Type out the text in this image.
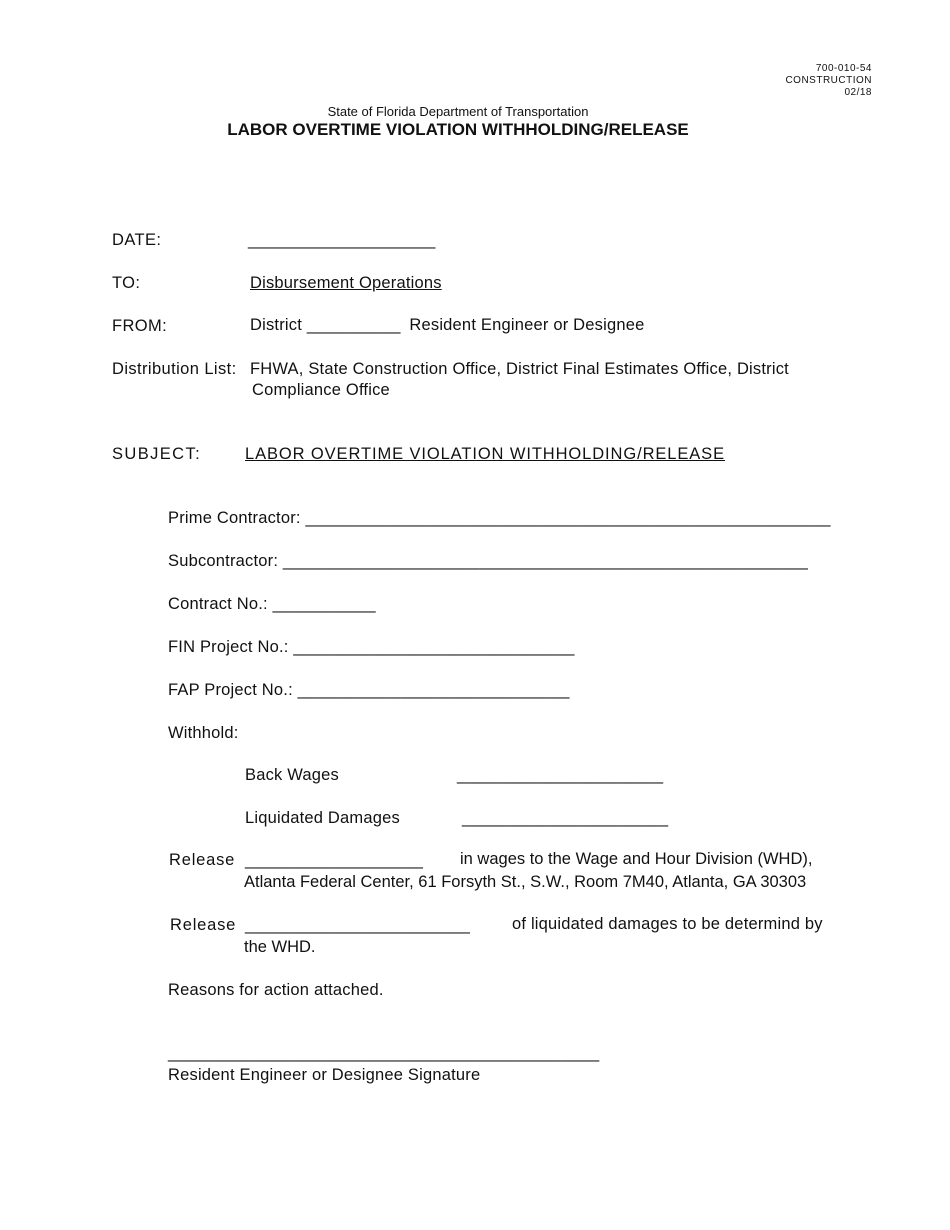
700-010-54
CONSTRUCTION
02/18
State of Florida Department of Transportation
LABOR OVERTIME VIOLATION WITHHOLDING/RELEASE
DATE:	____________________
TO:	Disbursement Operations
FROM:	District __________ Resident Engineer or Designee
Distribution List: FHWA, State Construction Office, District Final Estimates Office, District
Compliance Office
SUBJECT:	LABOR OVERTIME VIOLATION WITHHOLDING/RELEASE
Prime Contractor: ________________________________________________________
Subcontractor: ________________________________________________________
Contract No.: ___________
FIN Project No.: ______________________________
FAP Project No.: _____________________________
Withhold:
Back Wages	______________________
Liquidated Damages	______________________
Release ___________________ in wages to the Wage and Hour Division (WHD),
Atlanta Federal Center, 61 Forsyth St., S.W., Room 7M40, Atlanta, GA 30303
Release ________________________	of liquidated damages to be determind by
the WHD.
Reasons for action attached.
______________________________________________
Resident Engineer or Designee Signature
